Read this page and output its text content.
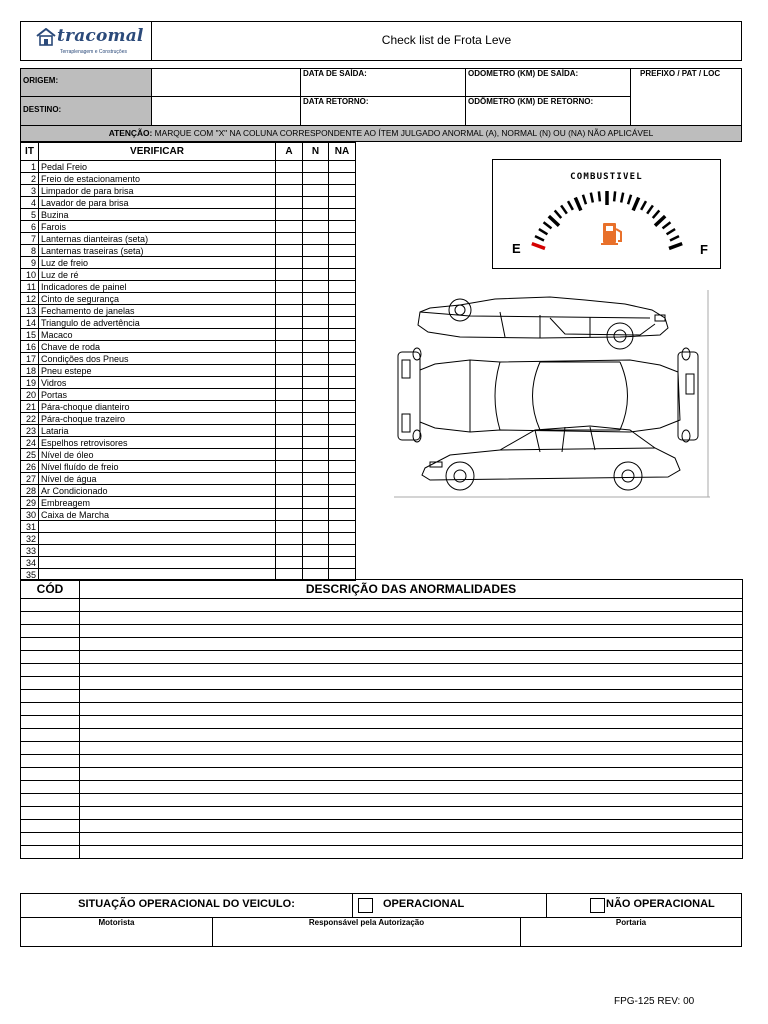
tracomal
Terraplenagem e Construções
Check list de Frota Leve
ORIGEM:
DATA DE SAÍDA:	ODOMETRO (KM) DE SAÍDA:	PREFIXO / PAT / LOC
DESTINO:
DATA RETORNO:	ODÔMETRO (KM) DE RETORNO:
ATENÇÃO: MARQUE COM "X" NA COLUNA CORRESPONDENTE AO ÍTEM JULGADO ANORMAL (A), NORMAL (N) OU (NA) NÃO APLICÁVEL
IT	VERIFICAR	A	N	NA
1	Pedal Freio			
2	Freio de estacionamento			
3	Limpador de para brisa			
4	Lavador de para brisa			
5	Buzina			
6	Farois			
7	Lanternas dianteiras (seta)			
8	Lanternas traseiras (seta)			
9	Luz de freio			
10	Luz de ré			
11	Indicadores de painel			
12	Cinto de segurança			
13	Fechamento de janelas			
14	Triangulo de advertência			
15	Macaco			
16	Chave de roda			
17	Condições dos Pneus			
18	Pneu estepe			
19	Vidros			
20	Portas			
21	Pára-choque dianteiro			
22	Pára-choque trazeiro			
23	Lataria			
24	Espelhos retrovisores			
25	Nível de óleo			
26	Nível fluído de freio			
27	Nível de água			
28	Ar Condicionado			
29	Embreagem			
30	Caixa de Marcha			
31				
32				
33				
34				
35				
COMBUSTIVEL
E	F
CÓD	DESCRIÇÃO DAS ANORMALIDADES

SITUAÇÃO OPERACIONAL DO VEICULO:	OPERACIONAL	NÃO OPERACIONAL
Motorista	Responsável pela Autorização	Portaria
FPG-125 REV: 00
